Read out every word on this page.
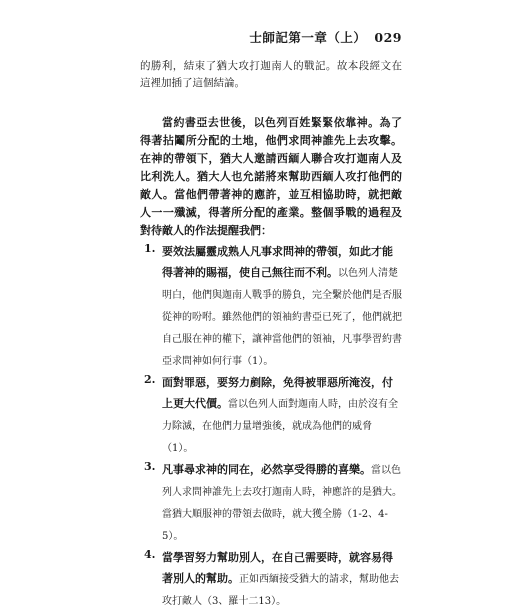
士師記第一章（上） 029

的勝利，結束了猶大攻打迦南人的戰記。故本段經文在這裡加插了這個結論。

當約書亞去世後，以色列百姓緊緊依靠神。為了得著拈鬮所分配的土地，他們求問神誰先上去攻擊。在神的帶領下，猶大人邀請西緬人聯合攻打迦南人及比利洗人。猶大人也允諾將來幫助西緬人攻打他們的敵人。當他們帶著神的應許，並互相協助時，就把敵人一一殲滅，得著所分配的產業。整個爭戰的過程及對待敵人的作法提醒我們：

1. 要效法屬靈成熟人凡事求問神的帶領，如此才能得著神的賜福，使自己無往而不利。以色列人清楚明白，他們與迦南人戰爭的勝負，完全繫於他們是否服從神的吩咐。雖然他們的領袖約書亞已死了，他們就把自己服在神的權下，讓神當他們的領袖，凡事學習約書亞求問神如何行事（1）。
2. 面對罪惡，要努力剷除，免得被罪惡所淹沒，付上更大代價。當以色列人面對迦南人時，由於沒有全力除滅，在他們力量增強後，就成為他們的威脅（1）。
3. 凡事尋求神的同在，必然享受得勝的喜樂。當以色列人求問神誰先上去攻打迦南人時，神應許的是猶大。當猶大順服神的帶領去做時，就大獲全勝（1-2、4-5）。
4. 當學習努力幫助別人，在自己需要時，就容易得著別人的幫助。正如西緬接受猶大的請求，幫助他去攻打敵人（3、羅十二13）。
